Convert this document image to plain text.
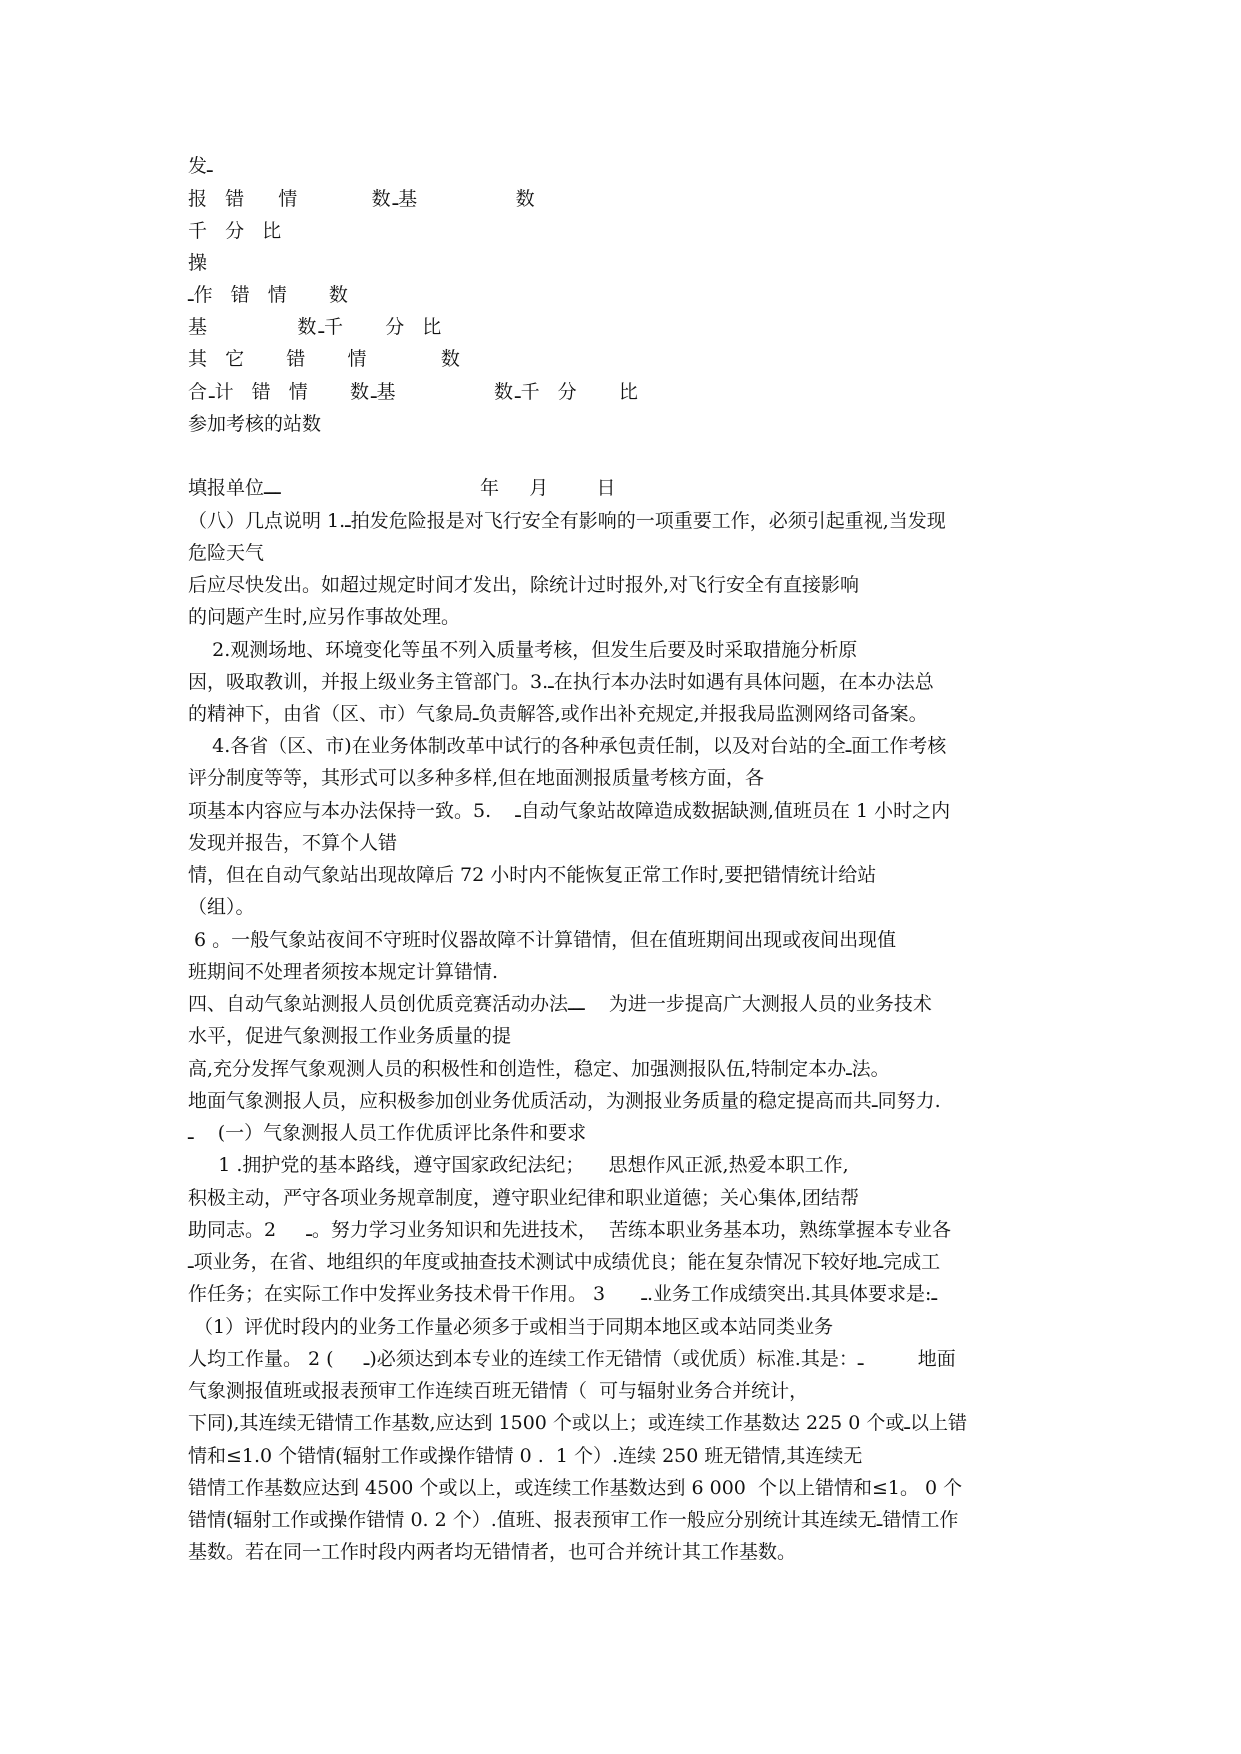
发ـ
报  错    情         数ـ基            数
千  分  比
操
ـ作  错  情     数
基           数ـ千     分  比
其  它     错     情         数
合ـ计  错  情     数ـ基            数ـ千  分     比
参加考核的站数
填报单位ـــ                                 年     月        日
（八）几点说明 1.ـ拍发危险报是对飞行安全有影响的一项重要工作，必须引起重视,当发现
危险天气
后应尽快发出。如超过规定时间才发出，除统计过时报外,对飞行安全有直接影响
的问题产生时,应另作事故处理。
2.观测场地、环境变化等虽不列入质量考核，但发生后要及时采取措施分析原
因，吸取教训，并报上级业务主管部门。3.ـ在执行本办法时如遇有具体问题，在本办法总
的精神下，由省（区、市）气象局ـ负责解答,或作出补充规定,并报我局监测网络司备案。
4.各省（区、市)在业务体制改革中试行的各种承包责任制，以及对台站的全ـ面工作考核
评分制度等等，其形式可以多种多样,但在地面测报质量考核方面，各
项基本内容应与本办法保持一致。5.    ـ自动气象站故障造成数据缺测,值班员在 1 小时之内
发现并报告，不算个人错
情，但在自动气象站出现故障后 72 小时内不能恢复正常工作时,要把错情统计给站
（组）。
6 。一般气象站夜间不守班时仪器故障不计算错情，但在值班期间出现或夜间出现值
班期间不处理者须按本规定计算错情.
四、自动气象站测报人员创优质竞赛活动办法ـــ    为进一步提高广大测报人员的业务技术
水平，促进气象测报工作业务质量的提
高,充分发挥气象观测人员的积极性和创造性，稳定、加强测报队伍,特制定本办ـ法。
地面气象测报人员，应积极参加创业务优质活动，为测报业务质量的稳定提高而共ـ同努力.
ـ    (一）气象测报人员工作优质评比条件和要求
1 .拥护党的基本路线，遵守国家政纪法纪；    思想作风正派,热爱本职工作,
积极主动，严守各项业务规章制度，遵守职业纪律和职业道德；关心集体,团结帮
助同志。2     ـ。努力学习业务知识和先进技术，  苦练本职业务基本功，熟练掌握本专业各
ـ项业务，在省、地组织的年度或抽查技术测试中成绩优良；能在复杂情况下较好地ـ完成工
作任务；在实际工作中发挥业务技术骨干作用。 3      ـ.业务工作成绩突出.其具体要求是:ـ
（1）评优时段内的业务工作量必须多于或相当于同期本地区或本站同类业务
人均工作量。 2 (     ـ)必须达到本专业的连续工作无错情（或优质）标准.其是：ـ         地面
气象测报值班或报表预审工作连续百班无错情（  可与辐射业务合并统计，
下同),其连续无错情工作基数,应达到 1500 个或以上；或连续工作基数达 225 0 个或ـ以上错
情和≤1.0 个错情(辐射工作或操作错情 0 .  1 个）.连续 250 班无错情,其连续无
错情工作基数应达到 4500 个或以上，或连续工作基数达到 6 000  个以上错情和≤1。 0 个
错情(辐射工作或操作错情 0. 2 个）.值班、报表预审工作一般应分别统计其连续无ـ错情工作
基数。若在同一工作时段内两者均无错情者，也可合并统计其工作基数。
